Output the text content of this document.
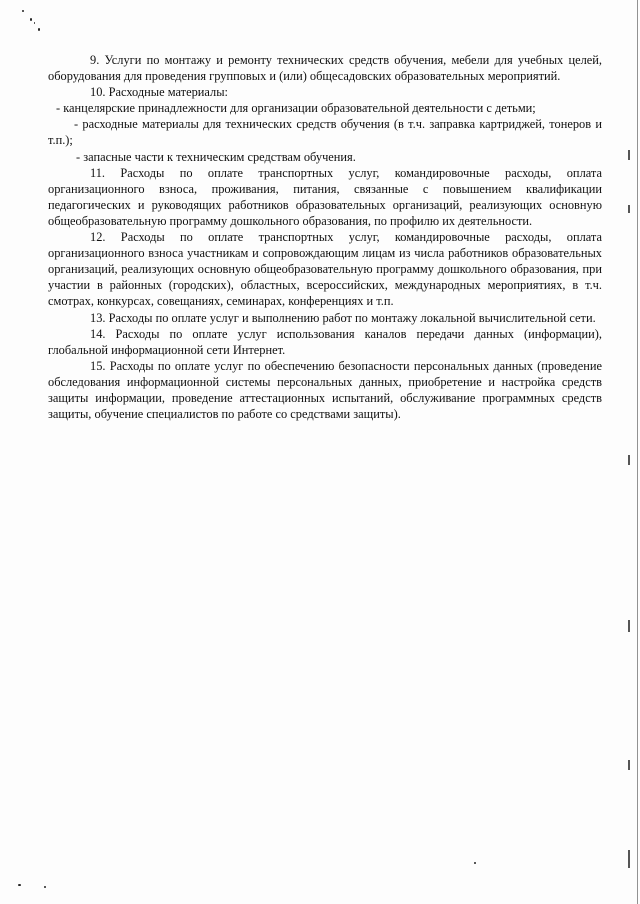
9. Услуги по монтажу и ремонту технических средств обучения, мебели для учебных целей, оборудования для проведения групповых и (или) общесадовских образовательных мероприятий.

10. Расходные материалы:

- канцелярские принадлежности для организации образовательной деятельности с детьми;

- расходные материалы для технических средств обучения (в т.ч. заправка картриджей, тонеров и т.п.);

- запасные части к техническим средствам обучения.

11. Расходы по оплате транспортных услуг, командировочные расходы, оплата организационного взноса, проживания, питания, связанные с повышением квалификации педагогических и руководящих работников образовательных организаций, реализующих основную общеобразовательную программу дошкольного образования, по профилю их деятельности.

12. Расходы по оплате транспортных услуг, командировочные расходы, оплата организационного взноса участникам и сопровождающим лицам из числа работников образовательных организаций, реализующих основную общеобразовательную программу дошкольного образования, при участии в районных (городских), областных, всероссийских, международных мероприятиях, в т.ч. смотрах, конкурсах, совещаниях, семинарах, конференциях и т.п.

13. Расходы по оплате услуг и выполнению работ по монтажу локальной вычислительной сети.

14. Расходы по оплате услуг использования каналов передачи данных (информации), глобальной информационной сети Интернет.

15. Расходы по оплате услуг по обеспечению безопасности персональных данных (проведение обследования информационной системы персональных данных, приобретение и настройка средств защиты информации, проведение аттестационных испытаний, обслуживание программных средств защиты, обучение специалистов по работе со средствами защиты).
